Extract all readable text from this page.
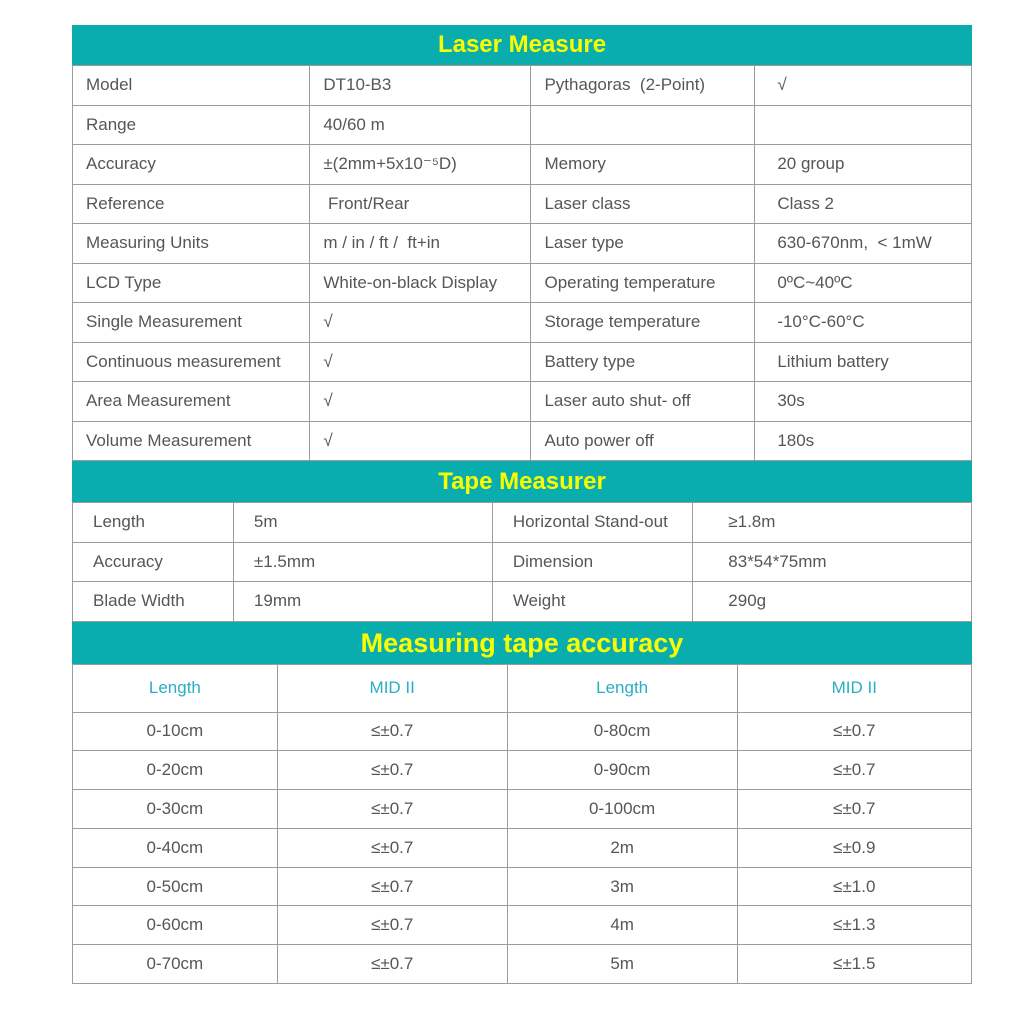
Laser Measure
Model	DT10-B3	Pythagoras  (2-Point)	√
Range	40/60 m		
Accuracy	±(2mm+5x10⁻⁵D)	Memory	20 group
Reference	Front/Rear	Laser class	Class 2
Measuring Units	m / in / ft /  ft+in	Laser type	630-670nm,  < 1mW
LCD Type	White-on-black Display	Operating temperature	0ºC~40ºC
Single Measurement	√	Storage temperature	-10°C-60°C
Continuous measurement	√	Battery type	Lithium battery
Area Measurement	√	Laser auto shut- off	30s
Volume Measurement	√	Auto power off	180s
Tape Measurer
Length	5m	Horizontal Stand-out	≥1.8m
Accuracy	±1.5mm	Dimension	83*54*75mm
Blade Width	19mm	Weight	290g
Measuring tape accuracy
Length	MID II	Length	MID II
0-10cm	≤±0.7	0-80cm	≤±0.7
0-20cm	≤±0.7	0-90cm	≤±0.7
0-30cm	≤±0.7	0-100cm	≤±0.7
0-40cm	≤±0.7	2m	≤±0.9
0-50cm	≤±0.7	3m	≤±1.0
0-60cm	≤±0.7	4m	≤±1.3
0-70cm	≤±0.7	5m	≤±1.5
